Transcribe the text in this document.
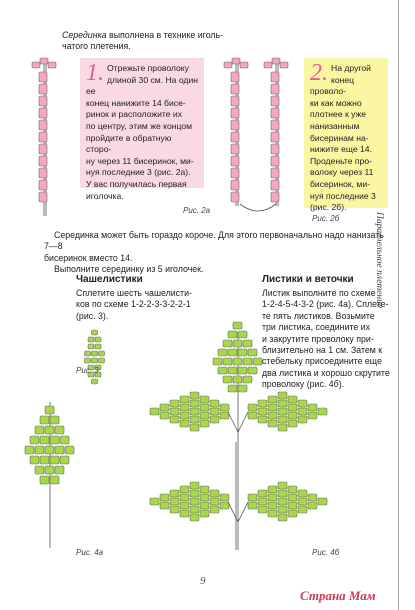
Серединка выполнена в технике иголь-
чатого плетения.
1. Отрежьте проволоку
длиной 30 см. На один ее
конец нанижите 14 бисе-
ринок и расположите их
по центру, этим же концом
пройдите в обратную сторо-
ну через 11 бисеринок, ми-
нуя последние 3 (рис. 2а).
У вас получилась первая
иголочка.
Рис. 2а
2. На другой
конец проволо-
ки как можно
плотнее к уже
нанизанным
бисеринам на-
нижите еще 14.
Проденьте про-
волоку через 11
бисеринок, ми-
нуя последние 3
(рис. 2б).
Рис. 2б
Серединка может быть гораздо короче. Для этого первоначально надо нанизать 7—8
бисеринок вместо 14.
Выполните серединку из 5 иголочек.
Чашелистики
Сплетите шесть чашелисти-
ков по схеме 1-2-2-3-3-2-2-1
(рис. 3).
Рис. 3
Листики и веточки
Листик выполните по схеме
1-2-4-5-4-3-2 (рис. 4а). Сплете-
те пять листиков. Возьмите
три листика, соедините их
и закрутите проволоку при-
близительно на 1 см. Затем к
стебельку присоедините еще
два листика и хорошо скрутите
проволоку (рис. 4б).
Рис. 4а	Рис. 4б
Параллельное плетение
9
Страна Мам
